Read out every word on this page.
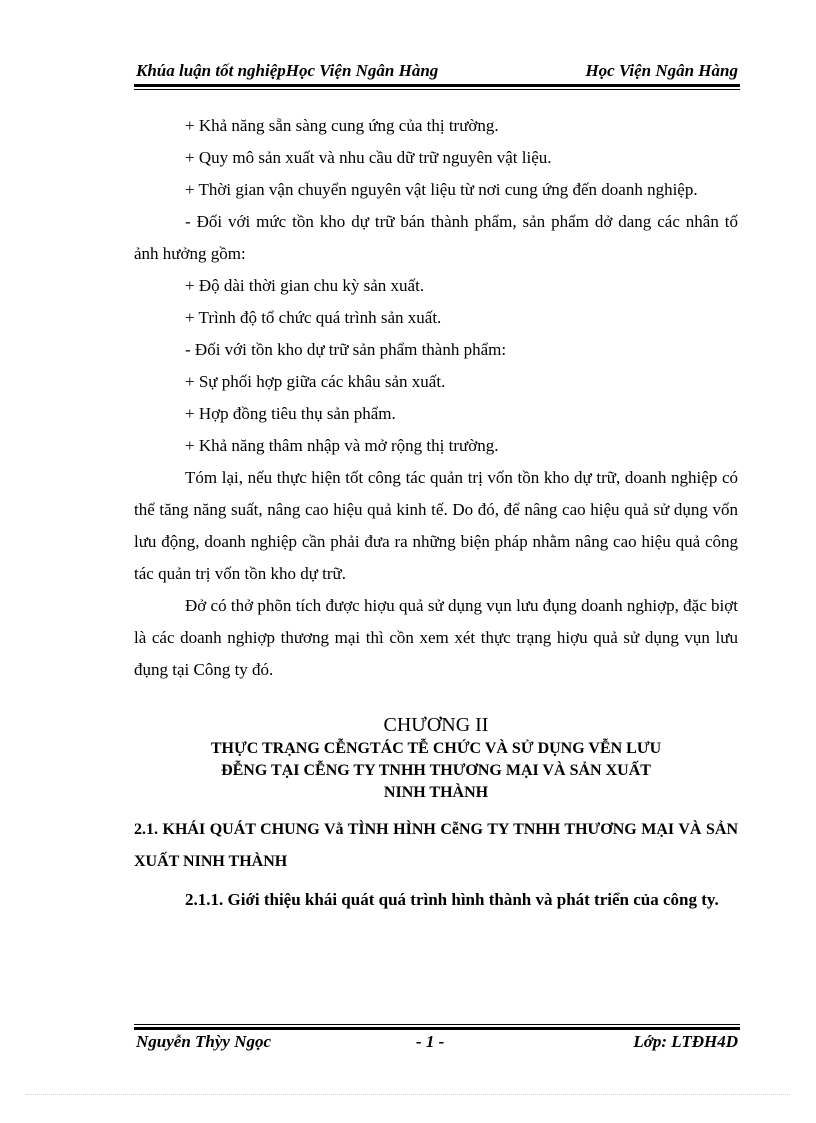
Khúa luận tốt nghiệpHọc Viện Ngân Hàng	Học Viện Ngân Hàng

+ Khả năng sẵn sàng cung ứng của thị trường.

+ Quy mô sản xuất và nhu cầu dữ trữ nguyên vật liệu.

+ Thời gian vận chuyển nguyên vật liệu từ nơi cung ứng đến doanh nghiệp.

- Đối với mức tồn kho dự trữ bán thành phẩm, sản phẩm dở dang các nhân tố ảnh hưởng gồm:

+ Độ dài thời gian chu kỳ sản xuất.

+ Trình độ tổ chức quá trình sản xuất.

- Đối với tồn kho dự trữ sản phẩm thành phẩm:

+ Sự phối hợp giữa các khâu sản xuất.

+ Hợp đồng tiêu thụ sản phẩm.

+ Khả năng thâm nhập và mở rộng thị trường.

Tóm lại, nếu thực hiện tốt công tác quản trị vốn tồn kho dự trữ, doanh nghiệp có thể tăng năng suất, nâng cao hiệu quả kinh tế. Do đó, để nâng cao hiệu quả sử dụng vốn lưu động, doanh nghiệp cần phải đưa ra những biện pháp nhằm nâng cao hiệu quả công tác quản trị vốn tồn kho dự trữ.

Đở có thở phõn tích được hiợu quả sử dụng vụn lưu đụng doanh nghiợp, đặc biợt là các doanh nghiợp thương mại thì cồn xem xét thực trạng hiợu quả sử dụng vụn lưu đụng tại Công ty đó.

CHƯƠNG II

THỰC TRẠNG CỄNGTÁC TỄ CHỨC VÀ SỬ DỤNG VỄN LƯU

ĐỄNG TẠI CỄNG TY TNHH THƯƠNG MẠI VÀ SẢN XUẤT

NINH THÀNH

2.1. KHÁI QUÁT CHUNG Vằ TÌNH HÌNH CễNG TY TNHH THƯƠNG MẠI VÀ SẢN XUẤT NINH THÀNH

2.1.1. Giới thiệu khái quát quá trình hình thành và phát triển của công ty.

Nguyễn Thỳy Ngọc	- 1 -	Lớp: LTĐH4D
